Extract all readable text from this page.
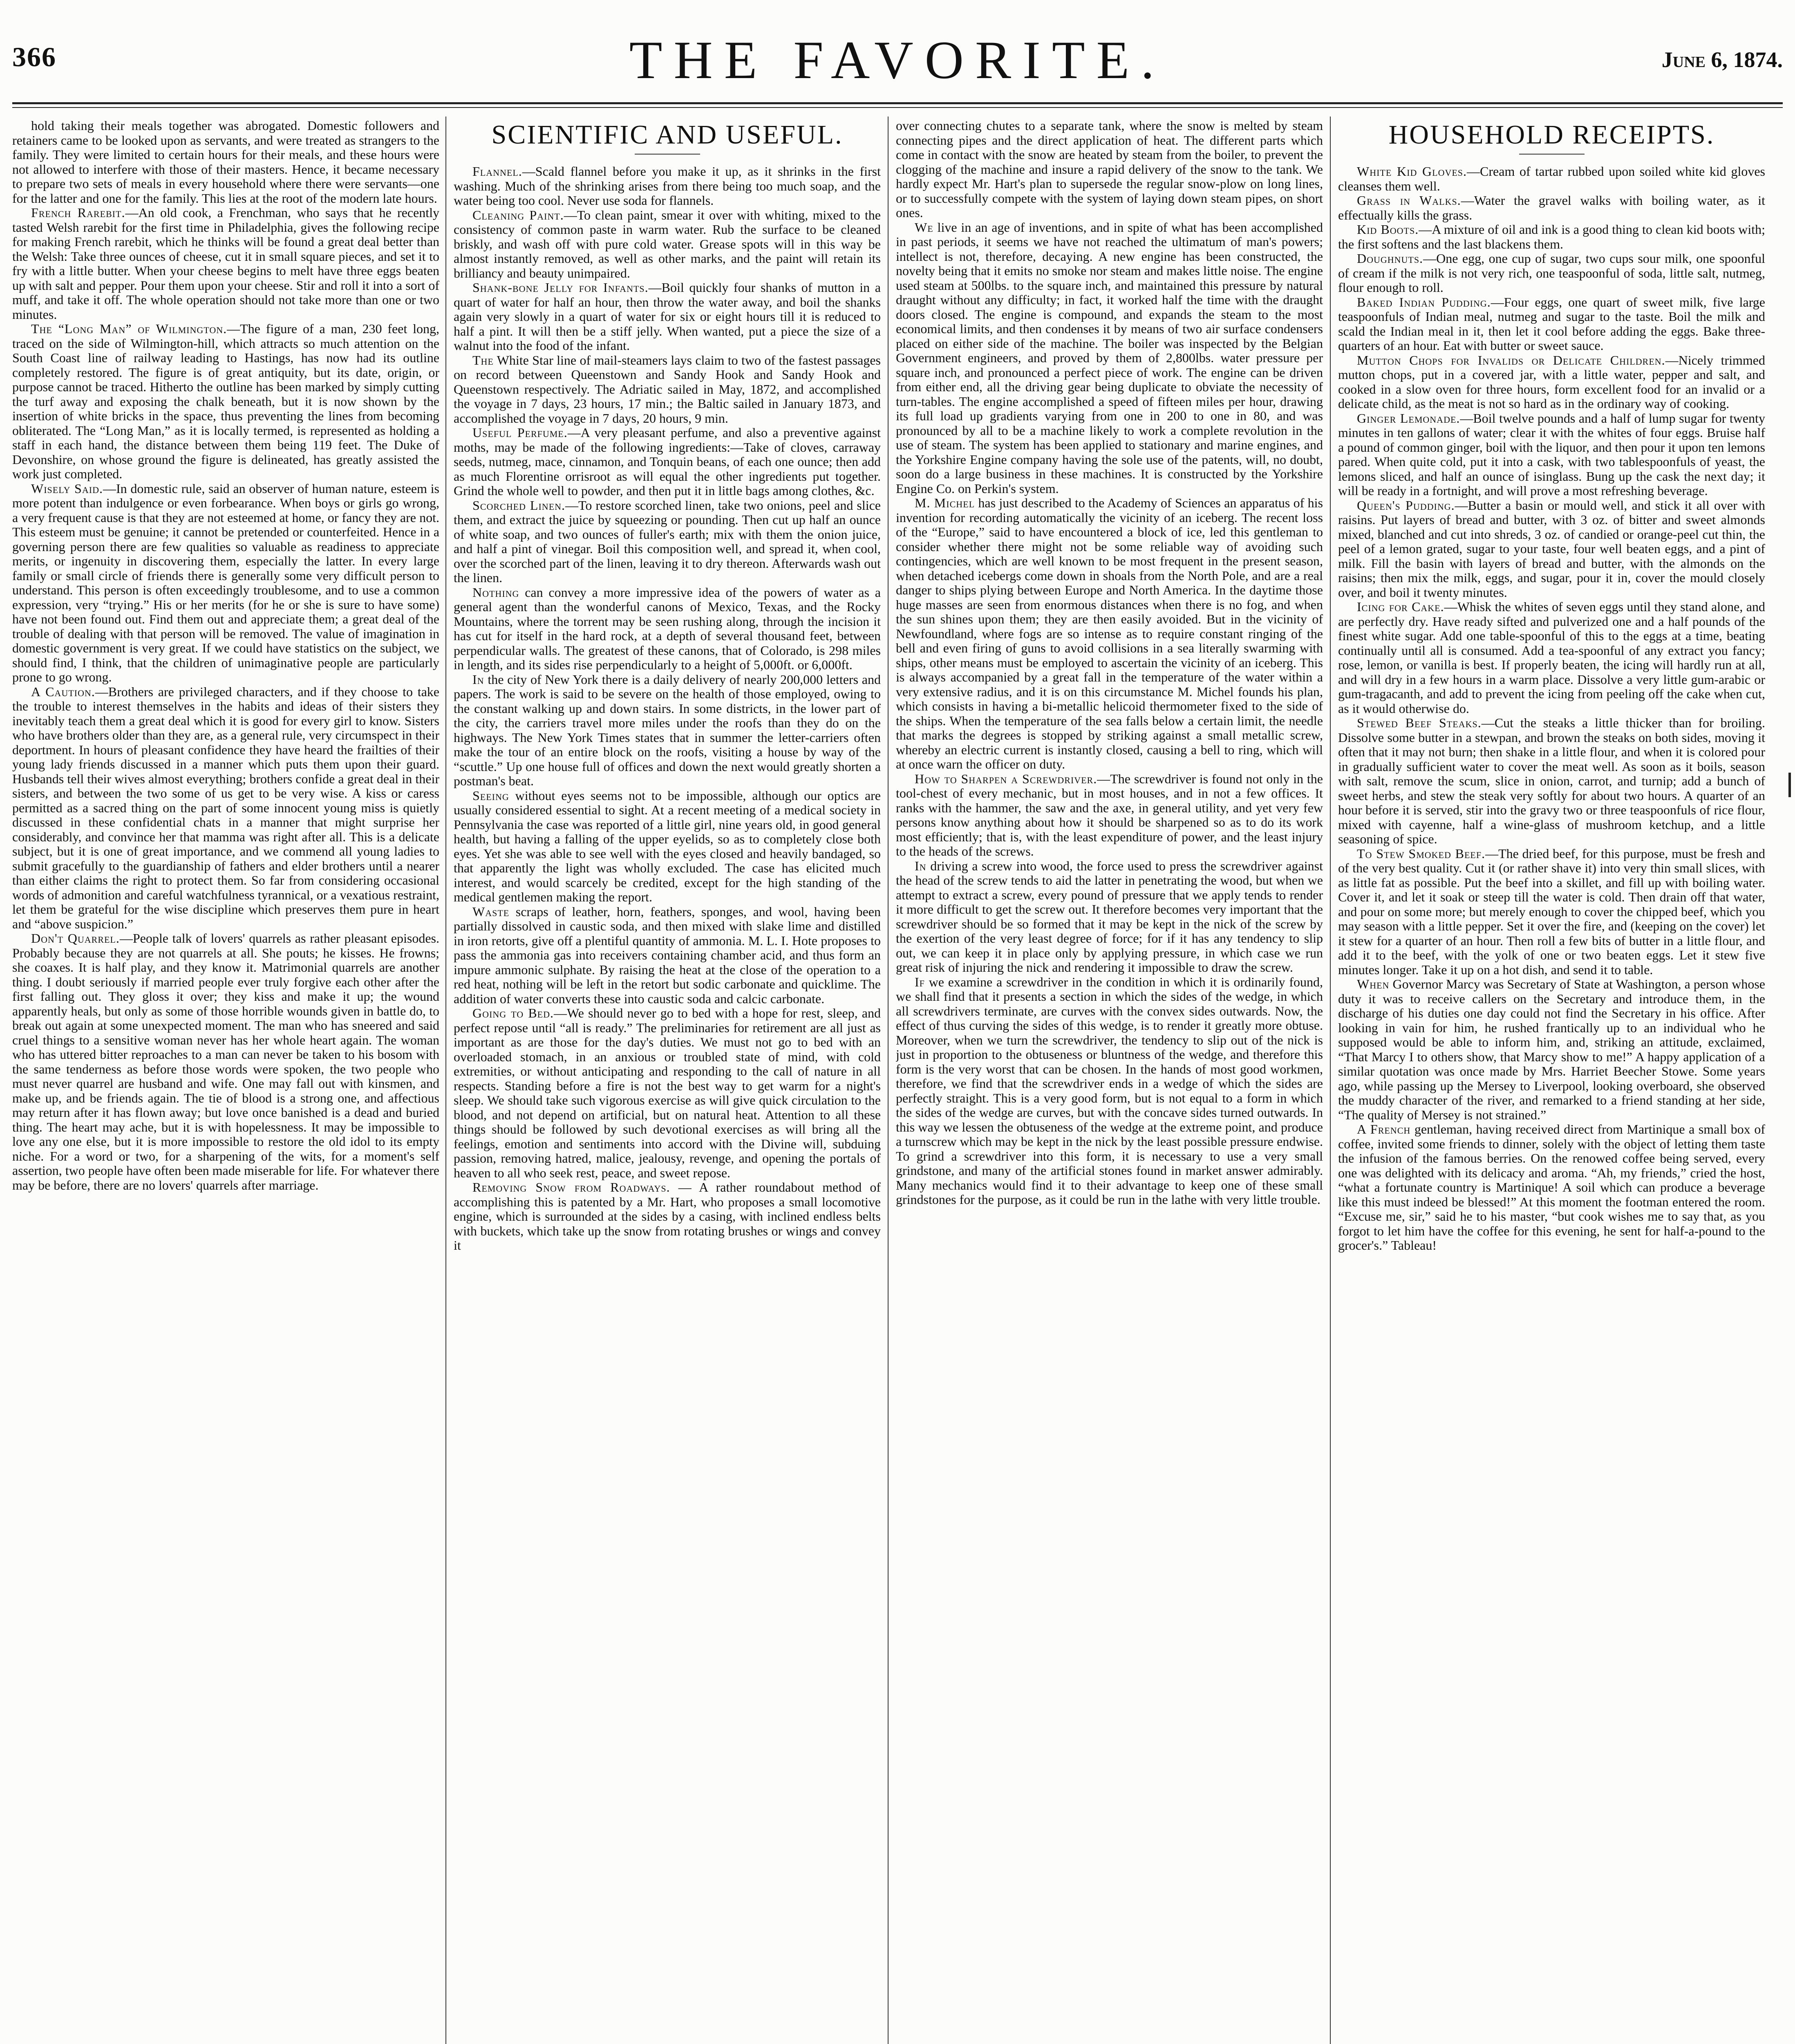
366	THE FAVORITE.	June 6, 1874.

hold taking their meals together was abrogated. Domestic followers and retainers came to be looked upon as servants, and were treated as strangers to the family. They were limited to certain hours for their meals, and these hours were not allowed to interfere with those of their masters. Hence, it became necessary to prepare two sets of meals in every household where there were servants—one for the latter and one for the family. This lies at the root of the modern late hours.

French Rarebit.—An old cook, a Frenchman, who says that he recently tasted Welsh rarebit for the first time in Philadelphia, gives the following recipe for making French rarebit, which he thinks will be found a great deal better than the Welsh: Take three ounces of cheese, cut it in small square pieces, and set it to fry with a little butter. When your cheese begins to melt have three eggs beaten up with salt and pepper. Pour them upon your cheese. Stir and roll it into a sort of muff, and take it off. The whole operation should not take more than one or two minutes.

The “Long Man” of Wilmington.—The figure of a man, 230 feet long, traced on the side of Wilmington-hill, which attracts so much attention on the South Coast line of railway leading to Hastings, has now had its outline completely restored. The figure is of great antiquity, but its date, origin, or purpose cannot be traced. Hitherto the outline has been marked by simply cutting the turf away and exposing the chalk beneath, but it is now shown by the insertion of white bricks in the space, thus preventing the lines from becoming obliterated. The “Long Man,” as it is locally termed, is represented as holding a staff in each hand, the distance between them being 119 feet. The Duke of Devonshire, on whose ground the figure is delineated, has greatly assisted the work just completed.

Wisely Said.—In domestic rule, said an observer of human nature, esteem is more potent than indulgence or even forbearance. When boys or girls go wrong, a very frequent cause is that they are not esteemed at home, or fancy they are not. This esteem must be genuine; it cannot be pretended or counterfeited. Hence in a governing person there are few qualities so valuable as readiness to appreciate merits, or ingenuity in discovering them, especially the latter. In every large family or small circle of friends there is generally some very difficult person to understand. This person is often exceedingly troublesome, and to use a common expression, very “trying.” His or her merits (for he or she is sure to have some) have not been found out. Find them out and appreciate them; a great deal of the trouble of dealing with that person will be removed. The value of imagination in domestic government is very great. If we could have statistics on the subject, we should find, I think, that the children of unimaginative people are particularly prone to go wrong.

A Caution.—Brothers are privileged characters, and if they choose to take the trouble to interest themselves in the habits and ideas of their sisters they inevitably teach them a great deal which it is good for every girl to know. Sisters who have brothers older than they are, as a general rule, very circumspect in their deportment. In hours of pleasant confidence they have heard the frailties of their young lady friends discussed in a manner which puts them upon their guard. Husbands tell their wives almost everything; brothers confide a great deal in their sisters, and between the two some of us get to be very wise. A kiss or caress permitted as a sacred thing on the part of some innocent young miss is quietly discussed in these confidential chats in a manner that might surprise her considerably, and convince her that mamma was right after all. This is a delicate subject, but it is one of great importance, and we commend all young ladies to submit gracefully to the guardianship of fathers and elder brothers until a nearer than either claims the right to protect them. So far from considering occasional words of admonition and careful watchfulness tyrannical, or a vexatious restraint, let them be grateful for the wise discipline which preserves them pure in heart and “above suspicion.”

Don't Quarrel.—People talk of lovers' quarrels as rather pleasant episodes. Probably because they are not quarrels at all. She pouts; he kisses. He frowns; she coaxes. It is half play, and they know it. Matrimonial quarrels are another thing. I doubt seriously if married people ever truly forgive each other after the first falling out. They gloss it over; they kiss and make it up; the wound apparently heals, but only as some of those horrible wounds given in battle do, to break out again at some unexpected moment. The man who has sneered and said cruel things to a sensitive woman never has her whole heart again. The woman who has uttered bitter reproaches to a man can never be taken to his bosom with the same tenderness as before those words were spoken, the two people who must never quarrel are husband and wife. One may fall out with kinsmen, and make up, and be friends again. The tie of blood is a strong one, and affectious may return after it has flown away; but love once banished is a dead and buried thing. The heart may ache, but it is with hopelessness. It may be impossible to love any one else, but it is more impossible to restore the old idol to its empty niche. For a word or two, for a sharpening of the wits, for a moment's self assertion, two people have often been made miserable for life. For whatever there may be before, there are no lovers' quarrels after marriage.

SCIENTIFIC AND USEFUL.

Flannel.—Scald flannel before you make it up, as it shrinks in the first washing. Much of the shrinking arises from there being too much soap, and the water being too cool. Never use soda for flannels.

Cleaning Paint.—To clean paint, smear it over with whiting, mixed to the consistency of common paste in warm water. Rub the surface to be cleaned briskly, and wash off with pure cold water. Grease spots will in this way be almost instantly removed, as well as other marks, and the paint will retain its brilliancy and beauty unimpaired.

Shank-bone Jelly for Infants.—Boil quickly four shanks of mutton in a quart of water for half an hour, then throw the water away, and boil the shanks again very slowly in a quart of water for six or eight hours till it is reduced to half a pint. It will then be a stiff jelly. When wanted, put a piece the size of a walnut into the food of the infant.

The White Star line of mail-steamers lays claim to two of the fastest passages on record between Queenstown and Sandy Hook and Sandy Hook and Queenstown respectively. The Adriatic sailed in May, 1872, and accomplished the voyage in 7 days, 23 hours, 17 min.; the Baltic sailed in January 1873, and accomplished the voyage in 7 days, 20 hours, 9 min.

Useful Perfume.—A very pleasant perfume, and also a preventive against moths, may be made of the following ingredients:—Take of cloves, carraway seeds, nutmeg, mace, cinnamon, and Tonquin beans, of each one ounce; then add as much Florentine orrisroot as will equal the other ingredients put together. Grind the whole well to powder, and then put it in little bags among clothes, &c.

Scorched Linen.—To restore scorched linen, take two onions, peel and slice them, and extract the juice by squeezing or pounding. Then cut up half an ounce of white soap, and two ounces of fuller's earth; mix with them the onion juice, and half a pint of vinegar. Boil this composition well, and spread it, when cool, over the scorched part of the linen, leaving it to dry thereon. Afterwards wash out the linen.

Nothing can convey a more impressive idea of the powers of water as a general agent than the wonderful canons of Mexico, Texas, and the Rocky Mountains, where the torrent may be seen rushing along, through the incision it has cut for itself in the hard rock, at a depth of several thousand feet, between perpendicular walls. The greatest of these canons, that of Colorado, is 298 miles in length, and its sides rise perpendicularly to a height of 5,000ft. or 6,000ft.

In the city of New York there is a daily delivery of nearly 200,000 letters and papers. The work is said to be severe on the health of those employed, owing to the constant walking up and down stairs. In some districts, in the lower part of the city, the carriers travel more miles under the roofs than they do on the highways. The New York Times states that in summer the letter-carriers often make the tour of an entire block on the roofs, visiting a house by way of the “scuttle.” Up one house full of offices and down the next would greatly shorten a postman's beat.

Seeing without eyes seems not to be impossible, although our optics are usually considered essential to sight. At a recent meeting of a medical society in Pennsylvania the case was reported of a little girl, nine years old, in good general health, but having a falling of the upper eyelids, so as to completely close both eyes. Yet she was able to see well with the eyes closed and heavily bandaged, so that apparently the light was wholly excluded. The case has elicited much interest, and would scarcely be credited, except for the high standing of the medical gentlemen making the report.

Waste scraps of leather, horn, feathers, sponges, and wool, having been partially dissolved in caustic soda, and then mixed with slake lime and distilled in iron retorts, give off a plentiful quantity of ammonia. M. L. I. Hote proposes to pass the ammonia gas into receivers containing chamber acid, and thus form an impure ammonic sulphate. By raising the heat at the close of the operation to a red heat, nothing will be left in the retort but sodic carbonate and quicklime. The addition of water converts these into caustic soda and calcic carbonate.

Going to Bed.—We should never go to bed with a hope for rest, sleep, and perfect repose until “all is ready.” The preliminaries for retirement are all just as important as are those for the day's duties. We must not go to bed with an overloaded stomach, in an anxious or troubled state of mind, with cold extremities, or without anticipating and responding to the call of nature in all respects. Standing before a fire is not the best way to get warm for a night's sleep. We should take such vigorous exercise as will give quick circulation to the blood, and not depend on artificial, but on natural heat. Attention to all these things should be followed by such devotional exercises as will bring all the feelings, emotion and sentiments into accord with the Divine will, subduing passion, removing hatred, malice, jealousy, revenge, and opening the portals of heaven to all who seek rest, peace, and sweet repose.

Removing Snow from Roadways. — A rather roundabout method of accomplishing this is patented by a Mr. Hart, who proposes a small locomotive engine, which is surrounded at the sides by a casing, with inclined endless belts with buckets, which take up the snow from rotating brushes or wings and convey it

over connecting chutes to a separate tank, where the snow is melted by steam connecting pipes and the direct application of heat. The different parts which come in contact with the snow are heated by steam from the boiler, to prevent the clogging of the machine and insure a rapid delivery of the snow to the tank. We hardly expect Mr. Hart's plan to supersede the regular snow-plow on long lines, or to successfully compete with the system of laying down steam pipes, on short ones.

We live in an age of inventions, and in spite of what has been accomplished in past periods, it seems we have not reached the ultimatum of man's powers; intellect is not, therefore, decaying. A new engine has been constructed, the novelty being that it emits no smoke nor steam and makes little noise. The engine used steam at 500lbs. to the square inch, and maintained this pressure by natural draught without any difficulty; in fact, it worked half the time with the draught doors closed. The engine is compound, and expands the steam to the most economical limits, and then condenses it by means of two air surface condensers placed on either side of the machine. The boiler was inspected by the Belgian Government engineers, and proved by them of 2,800lbs. water pressure per square inch, and pronounced a perfect piece of work. The engine can be driven from either end, all the driving gear being duplicate to obviate the necessity of turn-tables. The engine accomplished a speed of fifteen miles per hour, drawing its full load up gradients varying from one in 200 to one in 80, and was pronounced by all to be a machine likely to work a complete revolution in the use of steam. The system has been applied to stationary and marine engines, and the Yorkshire Engine company having the sole use of the patents, will, no doubt, soon do a large business in these machines. It is constructed by the Yorkshire Engine Co. on Perkin's system.

M. Michel has just described to the Academy of Sciences an apparatus of his invention for recording automatically the vicinity of an iceberg. The recent loss of the “Europe,” said to have encountered a block of ice, led this gentleman to consider whether there might not be some reliable way of avoiding such contingencies, which are well known to be most frequent in the present season, when detached icebergs come down in shoals from the North Pole, and are a real danger to ships plying between Europe and North America. In the daytime those huge masses are seen from enormous distances when there is no fog, and when the sun shines upon them; they are then easily avoided. But in the vicinity of Newfoundland, where fogs are so intense as to require constant ringing of the bell and even firing of guns to avoid collisions in a sea literally swarming with ships, other means must be employed to ascertain the vicinity of an iceberg. This is always accompanied by a great fall in the temperature of the water within a very extensive radius, and it is on this circumstance M. Michel founds his plan, which consists in having a bi-metallic helicoid thermometer fixed to the side of the ships. When the temperature of the sea falls below a certain limit, the needle that marks the degrees is stopped by striking against a small metallic screw, whereby an electric current is instantly closed, causing a bell to ring, which will at once warn the officer on duty.

How to Sharpen a Screwdriver.—The screwdriver is found not only in the tool-chest of every mechanic, but in most houses, and in not a few offices. It ranks with the hammer, the saw and the axe, in general utility, and yet very few persons know anything about how it should be sharpened so as to do its work most efficiently; that is, with the least expenditure of power, and the least injury to the heads of the screws.

In driving a screw into wood, the force used to press the screwdriver against the head of the screw tends to aid the latter in penetrating the wood, but when we attempt to extract a screw, every pound of pressure that we apply tends to render it more difficult to get the screw out. It therefore becomes very important that the screwdriver should be so formed that it may be kept in the nick of the screw by the exertion of the very least degree of force; for if it has any tendency to slip out, we can keep it in place only by applying pressure, in which case we run great risk of injuring the nick and rendering it impossible to draw the screw.

If we examine a screwdriver in the condition in which it is ordinarily found, we shall find that it presents a section in which the sides of the wedge, in which all screwdrivers terminate, are curves with the convex sides outwards. Now, the effect of thus curving the sides of this wedge, is to render it greatly more obtuse. Moreover, when we turn the screwdriver, the tendency to slip out of the nick is just in proportion to the obtuseness or bluntness of the wedge, and therefore this form is the very worst that can be chosen. In the hands of most good workmen, therefore, we find that the screwdriver ends in a wedge of which the sides are perfectly straight. This is a very good form, but is not equal to a form in which the sides of the wedge are curves, but with the concave sides turned outwards. In this way we lessen the obtuseness of the wedge at the extreme point, and produce a turnscrew which may be kept in the nick by the least possible pressure endwise. To grind a screwdriver into this form, it is necessary to use a very small grindstone, and many of the artificial stones found in market answer admirably. Many mechanics would find it to their advantage to keep one of these small grindstones for the purpose, as it could be run in the lathe with very little trouble.

HOUSEHOLD RECEIPTS.

White Kid Gloves.—Cream of tartar rubbed upon soiled white kid gloves cleanses them well.

Grass in Walks.—Water the gravel walks with boiling water, as it effectually kills the grass.

Kid Boots.—A mixture of oil and ink is a good thing to clean kid boots with; the first softens and the last blackens them.

Doughnuts.—One egg, one cup of sugar, two cups sour milk, one spoonful of cream if the milk is not very rich, one teaspoonful of soda, little salt, nutmeg, flour enough to roll.

Baked Indian Pudding.—Four eggs, one quart of sweet milk, five large teaspoonfuls of Indian meal, nutmeg and sugar to the taste. Boil the milk and scald the Indian meal in it, then let it cool before adding the eggs. Bake three-quarters of an hour. Eat with butter or sweet sauce.

Mutton Chops for Invalids or Delicate Children.—Nicely trimmed mutton chops, put in a covered jar, with a little water, pepper and salt, and cooked in a slow oven for three hours, form excellent food for an invalid or a delicate child, as the meat is not so hard as in the ordinary way of cooking.

Ginger Lemonade.—Boil twelve pounds and a half of lump sugar for twenty minutes in ten gallons of water; clear it with the whites of four eggs. Bruise half a pound of common ginger, boil with the liquor, and then pour it upon ten lemons pared. When quite cold, put it into a cask, with two tablespoonfuls of yeast, the lemons sliced, and half an ounce of isinglass. Bung up the cask the next day; it will be ready in a fortnight, and will prove a most refreshing beverage.

Queen's Pudding.—Butter a basin or mould well, and stick it all over with raisins. Put layers of bread and butter, with 3 oz. of bitter and sweet almonds mixed, blanched and cut into shreds, 3 oz. of candied or orange-peel cut thin, the peel of a lemon grated, sugar to your taste, four well beaten eggs, and a pint of milk. Fill the basin with layers of bread and butter, with the almonds on the raisins; then mix the milk, eggs, and sugar, pour it in, cover the mould closely over, and boil it twenty minutes.

Icing for Cake.—Whisk the whites of seven eggs until they stand alone, and are perfectly dry. Have ready sifted and pulverized one and a half pounds of the finest white sugar. Add one table-spoonful of this to the eggs at a time, beating continually until all is consumed. Add a tea-spoonful of any extract you fancy; rose, lemon, or vanilla is best. If properly beaten, the icing will hardly run at all, and will dry in a few hours in a warm place. Dissolve a very little gum-arabic or gum-tragacanth, and add to prevent the icing from peeling off the cake when cut, as it would otherwise do.

Stewed Beef Steaks.—Cut the steaks a little thicker than for broiling. Dissolve some butter in a stewpan, and brown the steaks on both sides, moving it often that it may not burn; then shake in a little flour, and when it is colored pour in gradually sufficient water to cover the meat well. As soon as it boils, season with salt, remove the scum, slice in onion, carrot, and turnip; add a bunch of sweet herbs, and stew the steak very softly for about two hours. A quarter of an hour before it is served, stir into the gravy two or three teaspoonfuls of rice flour, mixed with cayenne, half a wine-glass of mushroom ketchup, and a little seasoning of spice.

To Stew Smoked Beef.—The dried beef, for this purpose, must be fresh and of the very best quality. Cut it (or rather shave it) into very thin small slices, with as little fat as possible. Put the beef into a skillet, and fill up with boiling water. Cover it, and let it soak or steep till the water is cold. Then drain off that water, and pour on some more; but merely enough to cover the chipped beef, which you may season with a little pepper. Set it over the fire, and (keeping on the cover) let it stew for a quarter of an hour. Then roll a few bits of butter in a little flour, and add it to the beef, with the yolk of one or two beaten eggs. Let it stew five minutes longer. Take it up on a hot dish, and send it to table.

When Governor Marcy was Secretary of State at Washington, a person whose duty it was to receive callers on the Secretary and introduce them, in the discharge of his duties one day could not find the Secretary in his office. After looking in vain for him, he rushed frantically up to an individual who he supposed would be able to inform him, and, striking an attitude, exclaimed, “That Marcy I to others show, that Marcy show to me!” A happy application of a similar quotation was once made by Mrs. Harriet Beecher Stowe. Some years ago, while passing up the Mersey to Liverpool, looking overboard, she observed the muddy character of the river, and remarked to a friend standing at her side, “The quality of Mersey is not strained.”

A French gentleman, having received direct from Martinique a small box of coffee, invited some friends to dinner, solely with the object of letting them taste the infusion of the famous berries. On the renowed coffee being served, every one was delighted with its delicacy and aroma. “Ah, my friends,” cried the host, “what a fortunate country is Martinique! A soil which can produce a beverage like this must indeed be blessed!” At this moment the footman entered the room. “Excuse me, sir,” said he to his master, “but cook wishes me to say that, as you forgot to let him have the coffee for this evening, he sent for half-a-pound to the grocer's.” Tableau!
